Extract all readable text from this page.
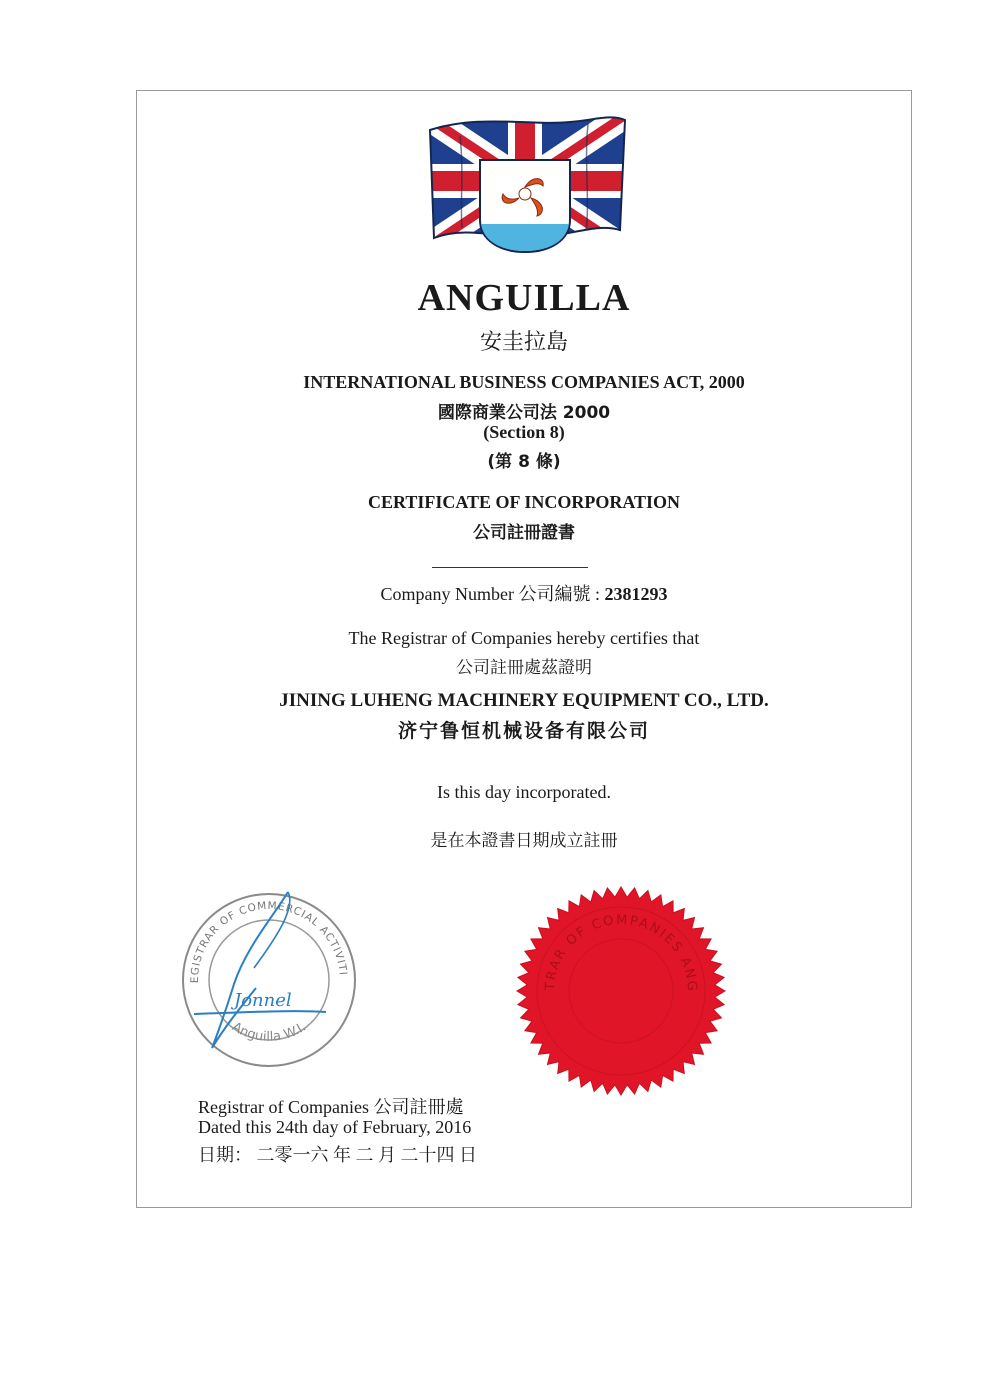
ANGUILLA
安圭拉島
INTERNATIONAL BUSINESS COMPANIES ACT, 2000
國際商業公司法 2000
(Section 8)
(第 8 條)
CERTIFICATE OF INCORPORATION
公司註冊證書
Company Number 公司編號 : 2381293
The Registrar of Companies hereby certifies that
公司註冊處茲證明
JINING LUHENG MACHINERY EQUIPMENT CO., LTD.
济宁鲁恒机械设备有限公司
Is this day incorporated.
是在本證書日期成立註冊
REGISTRAR OF COMMERCIAL ACTIVITIES
Anguilla W.I.
Jonnel
REGISTRAR OF COMPANIES ANGUILLA
Registrar of Companies 公司註冊處
Dated this 24th day of February, 2016
日期： 二零一六 年 二 月 二十四 日
